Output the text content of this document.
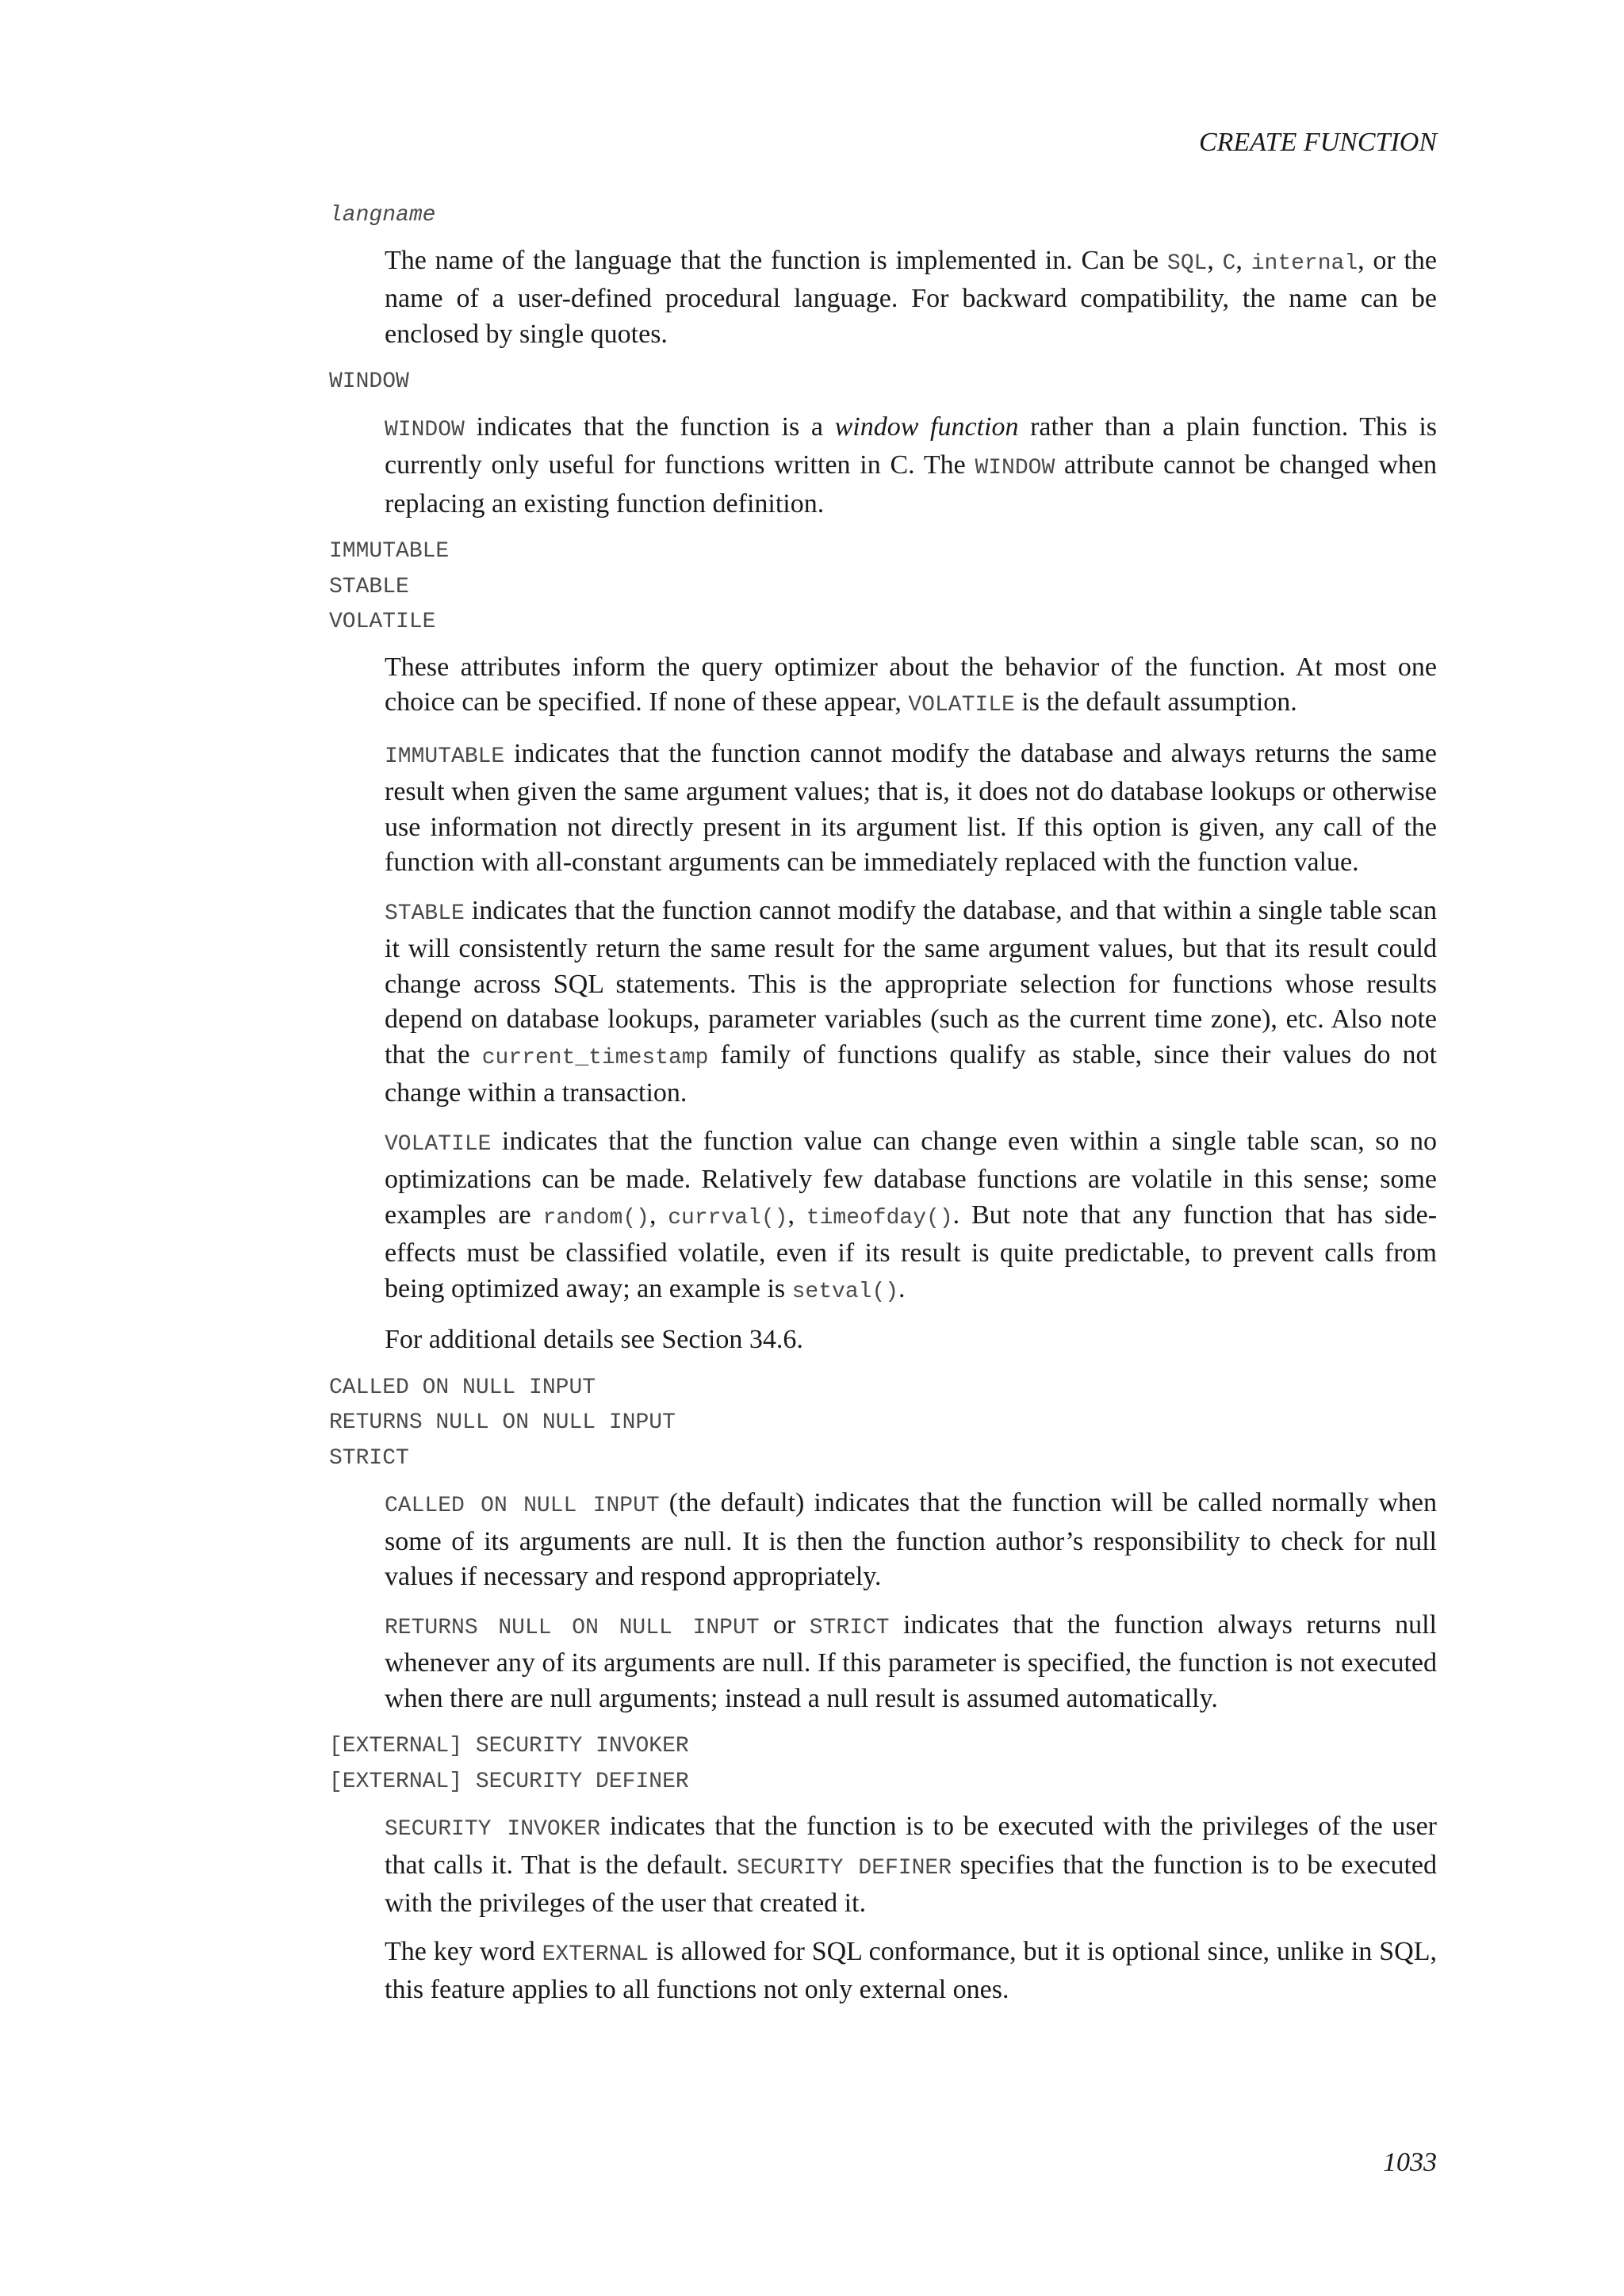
CREATE FUNCTION
langname

The name of the language that the function is implemented in. Can be SQL, C, internal, or the name of a user-defined procedural language. For backward compatibility, the name can be enclosed by single quotes.

WINDOW

WINDOW indicates that the function is a window function rather than a plain function. This is currently only useful for functions written in C. The WINDOW attribute cannot be changed when replacing an existing function definition.

IMMUTABLE
STABLE
VOLATILE

These attributes inform the query optimizer about the behavior of the function. At most one choice can be specified. If none of these appear, VOLATILE is the default assumption.

IMMUTABLE indicates that the function cannot modify the database and always returns the same result when given the same argument values; that is, it does not do database lookups or otherwise use information not directly present in its argument list. If this option is given, any call of the function with all-constant arguments can be immediately replaced with the function value.

STABLE indicates that the function cannot modify the database, and that within a single table scan it will consistently return the same result for the same argument values, but that its result could change across SQL statements. This is the appropriate selection for functions whose results depend on database lookups, parameter variables (such as the current time zone), etc. Also note that the current_timestamp family of functions qualify as stable, since their values do not change within a transaction.

VOLATILE indicates that the function value can change even within a single table scan, so no optimizations can be made. Relatively few database functions are volatile in this sense; some examples are random(), currval(), timeofday(). But note that any function that has side-effects must be classified volatile, even if its result is quite predictable, to prevent calls from being optimized away; an example is setval().

For additional details see Section 34.6.

CALLED ON NULL INPUT
RETURNS NULL ON NULL INPUT
STRICT

CALLED ON NULL INPUT (the default) indicates that the function will be called normally when some of its arguments are null. It is then the function author’s responsibility to check for null values if necessary and respond appropriately.

RETURNS NULL ON NULL INPUT or STRICT indicates that the function always returns null whenever any of its arguments are null. If this parameter is specified, the function is not executed when there are null arguments; instead a null result is assumed automatically.

[EXTERNAL] SECURITY INVOKER
[EXTERNAL] SECURITY DEFINER

SECURITY INVOKER indicates that the function is to be executed with the privileges of the user that calls it. That is the default. SECURITY DEFINER specifies that the function is to be executed with the privileges of the user that created it.

The key word EXTERNAL is allowed for SQL conformance, but it is optional since, unlike in SQL, this feature applies to all functions not only external ones.

1033
